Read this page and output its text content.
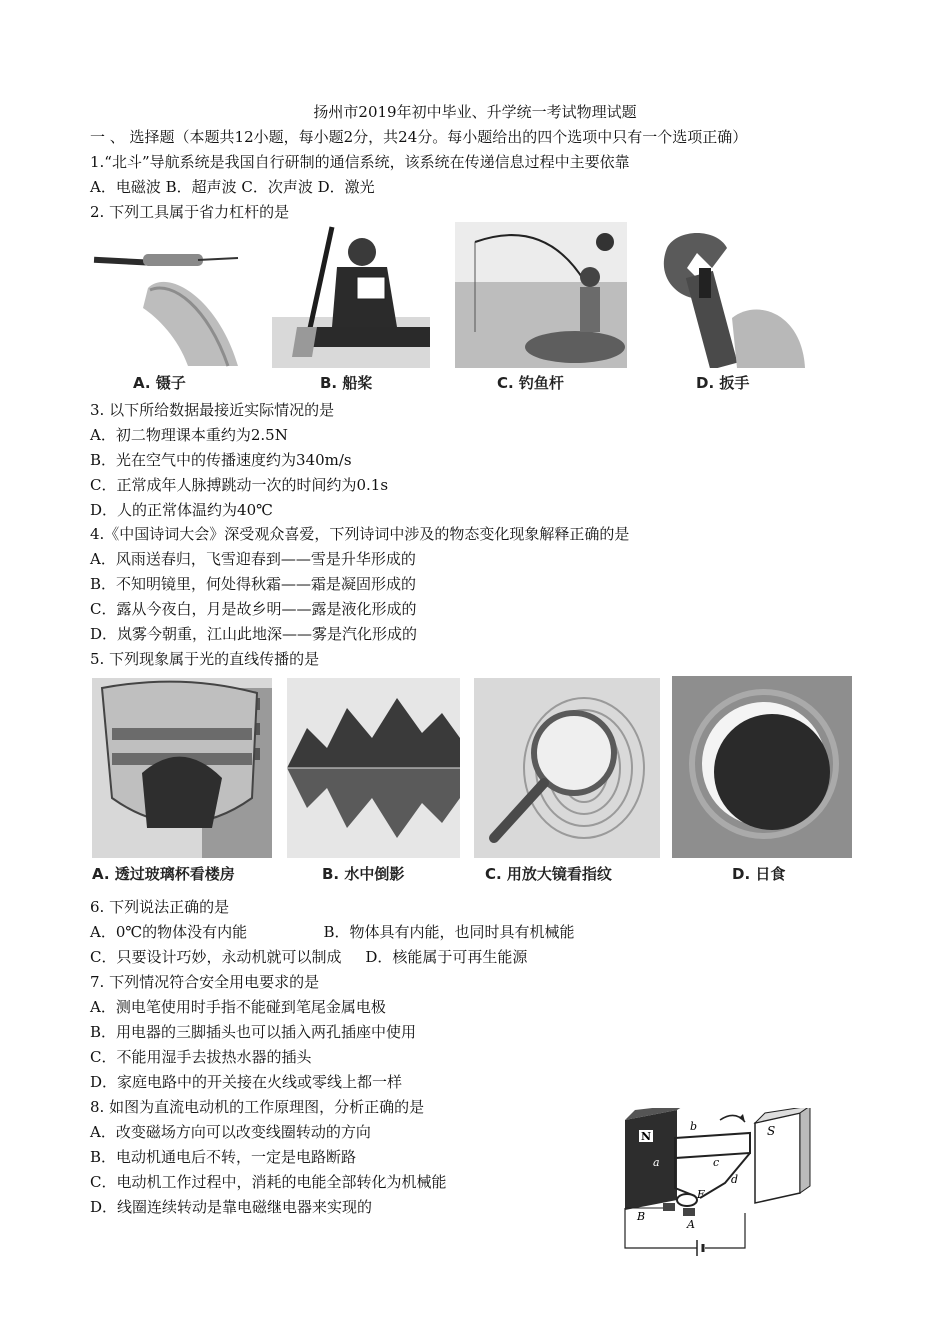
扬州市2019年初中毕业、升学统一考试物理试题
一 、 选择题（本题共12小题，每小题2分，共24分。每小题给出的四个选项中只有一个选项正确）
1.“北斗”导航系统是我国自行研制的通信系统，该系统在传递信息过程中主要依靠
A．电磁波 B．超声波 C．次声波 D．激光
2. 下列工具属于省力杠杆的是
A. 镊子	B. 船桨	C. 钓鱼杆	D. 扳手
3. 以下所给数据最接近实际情况的是
A．初二物理课本重约为2.5N
B．光在空气中的传播速度约为340m/s
C．正常成年人脉搏跳动一次的时间约为0.1s
D．人的正常体温约为40℃
4.《中国诗词大会》深受观众喜爱，下列诗词中涉及的物态变化现象解释正确的是
A．风雨送春归，飞雪迎春到——雪是升华形成的
B．不知明镜里，何处得秋霜——霜是凝固形成的
C．露从今夜白，月是故乡明——露是液化形成的
D．岚雾今朝重，江山此地深——雾是汽化形成的
5. 下列现象属于光的直线传播的是
A. 透过玻璃杯看楼房	B. 水中倒影	C. 用放大镜看指纹	D. 日食
6. 下列说法正确的是
A．0℃的物体没有内能                B．物体具有内能，也同时具有机械能
C．只要设计巧妙，永动机就可以制成     D．核能属于可再生能源
7. 下列情况符合安全用电要求的是
A．测电笔使用时手指不能碰到笔尾金属电极
B．用电器的三脚插头也可以插入两孔插座中使用
C．不能用湿手去拔热水器的插头
D．家庭电路中的开关接在火线或零线上都一样
8. 如图为直流电动机的工作原理图，分析正确的是
A．改变磁场方向可以改变线圈转动的方向
B．电动机通电后不转，一定是电路断路
C．电动机工作过程中，消耗的电能全部转化为机械能
D．线圈连续转动是靠电磁继电器来实现的
N	S
b
a	c
d
F
B
A
